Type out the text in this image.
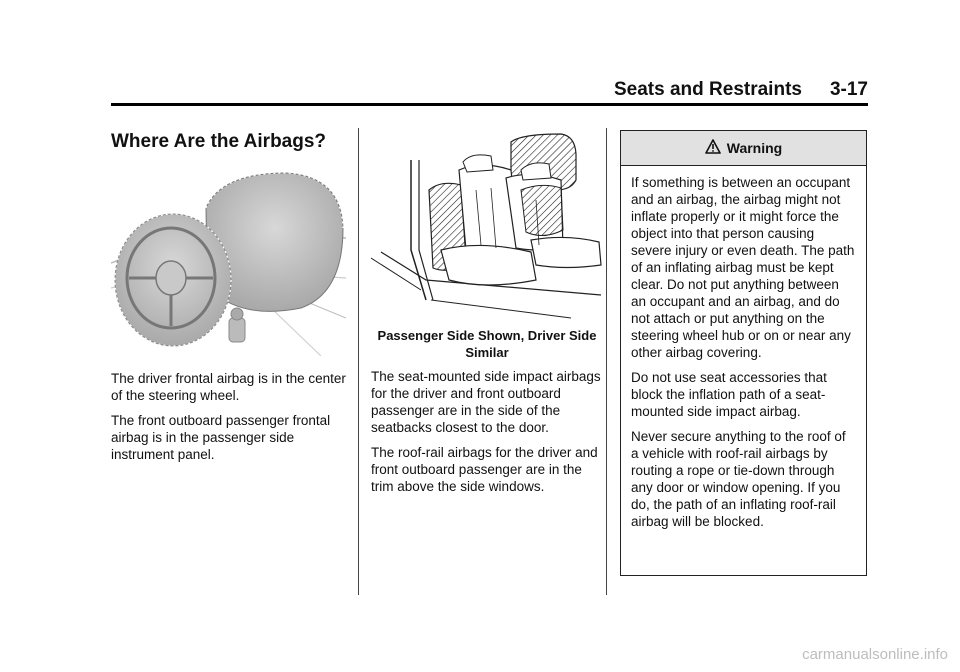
Seats and Restraints 3-17
Where Are the Airbags?

The driver frontal airbag is in the center of the steering wheel.

The front outboard passenger frontal airbag is in the passenger side instrument panel.

Passenger Side Shown, Driver Side Similar

The seat-mounted side impact airbags for the driver and front outboard passenger are in the side of the seatbacks closest to the door.

The roof-rail airbags for the driver and front outboard passenger are in the trim above the side windows.

Warning

If something is between an occupant and an airbag, the airbag might not inflate properly or it might force the object into that person causing severe injury or even death. The path of an inflating airbag must be kept clear. Do not put anything between an occupant and an airbag, and do not attach or put anything on the steering wheel hub or on or near any other airbag covering.

Do not use seat accessories that block the inflation path of a seat-mounted side impact airbag.

Never secure anything to the roof of a vehicle with roof-rail airbags by routing a rope or tie-down through any door or window opening. If you do, the path of an inflating roof-rail airbag will be blocked.

carmanualsonline.info
